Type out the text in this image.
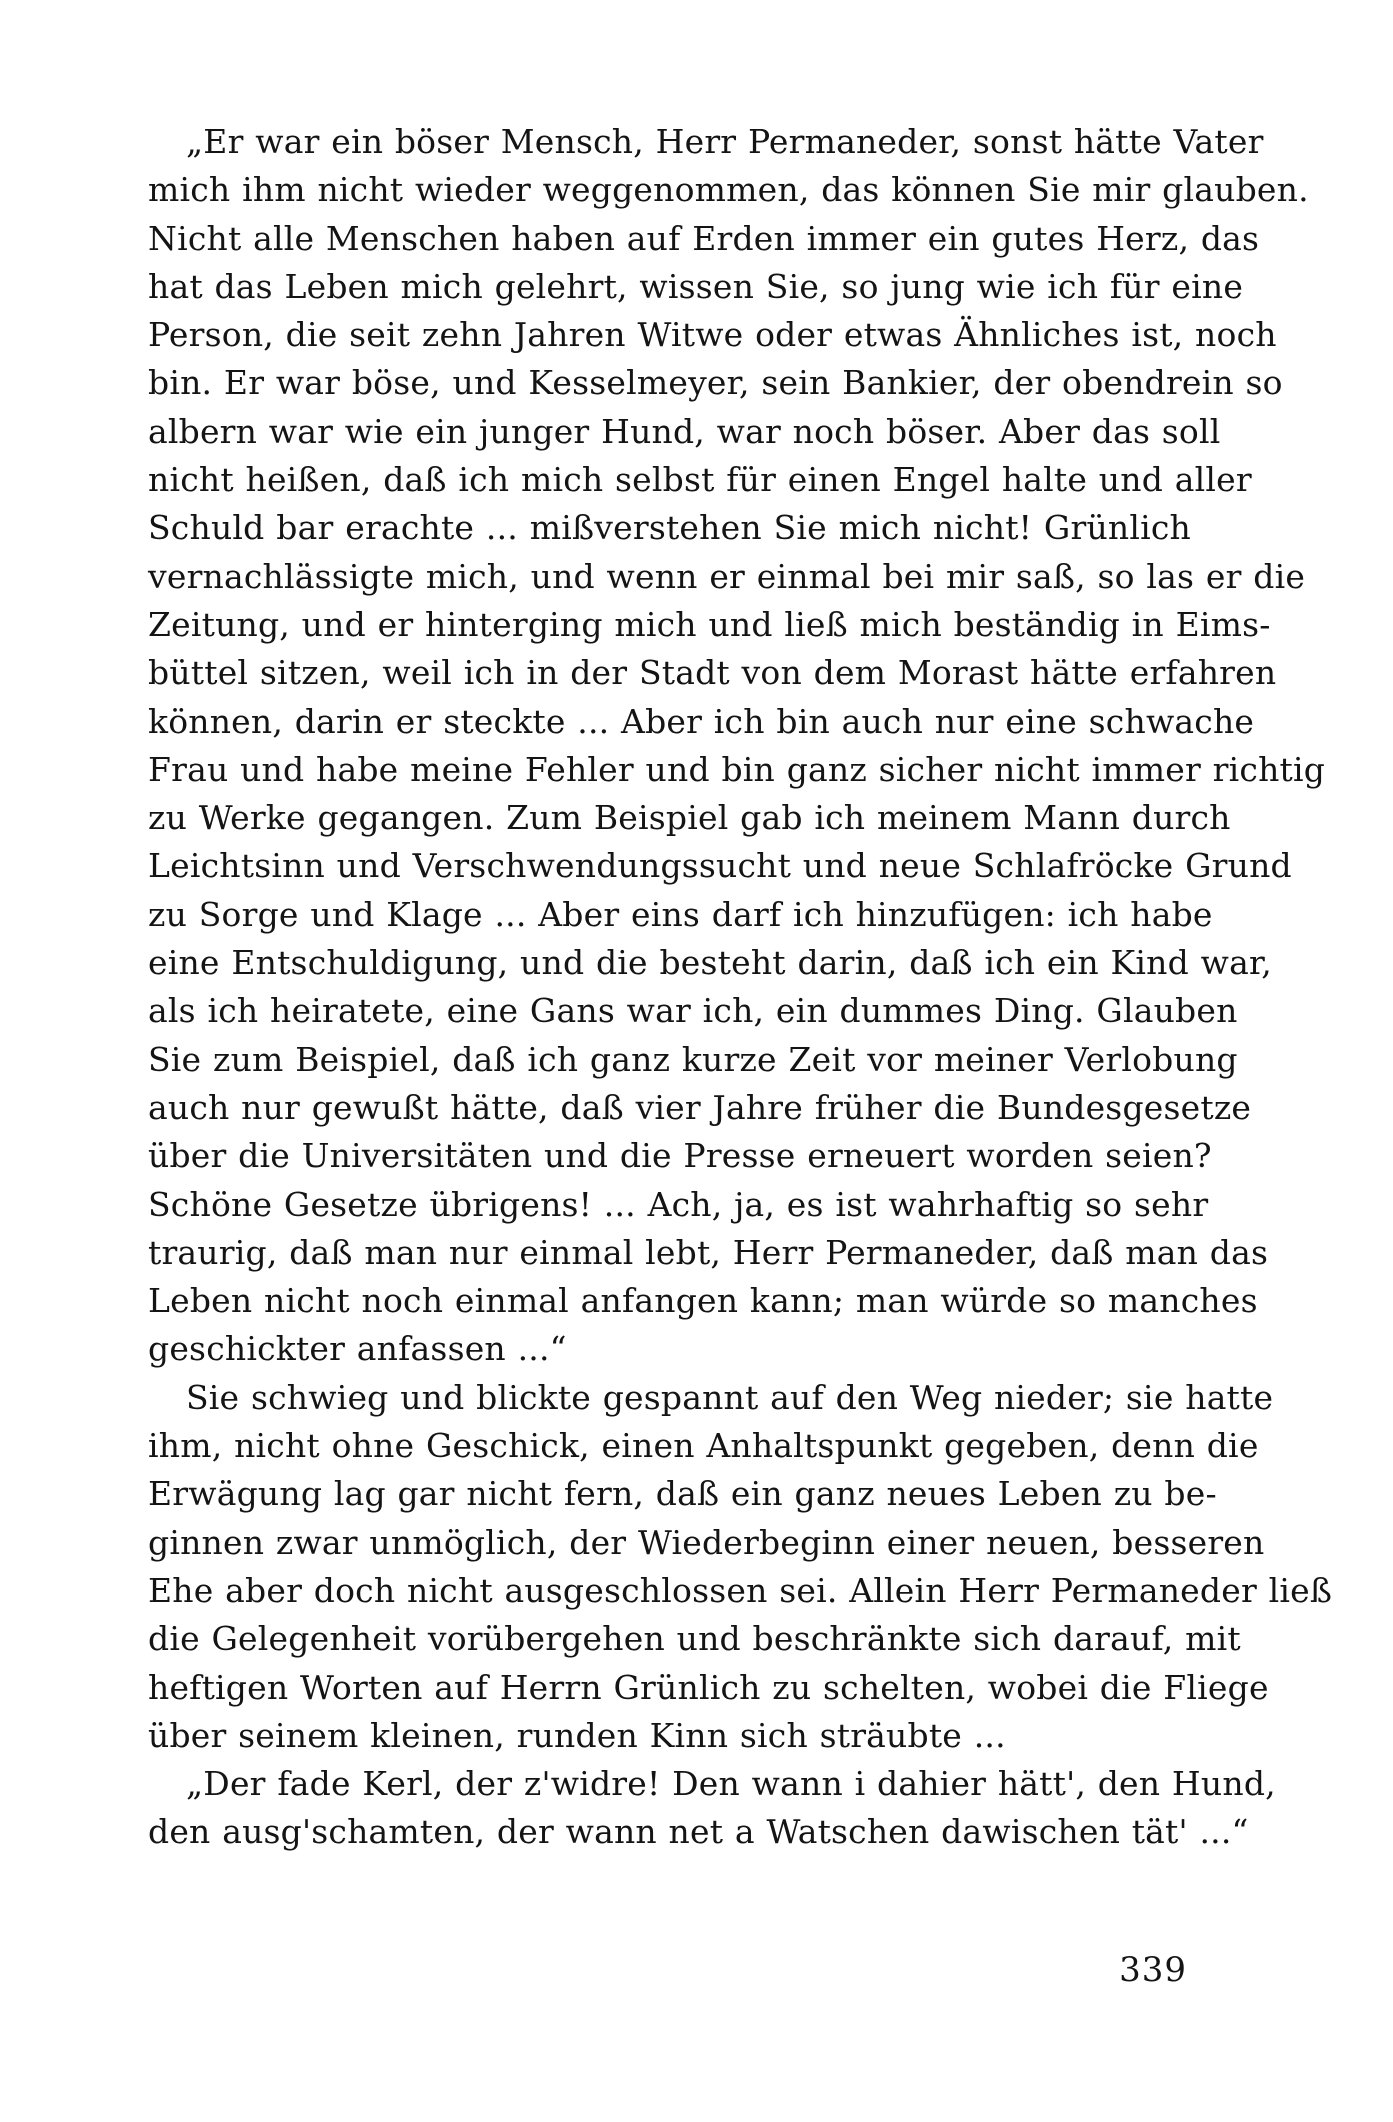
„Er war ein böser Mensch, Herr Permaneder, sonst hätte Vater
mich ihm nicht wieder weggenommen, das können Sie mir glauben.
Nicht alle Menschen haben auf Erden immer ein gutes Herz, das
hat das Leben mich gelehrt, wissen Sie, so jung wie ich für eine
Person, die seit zehn Jahren Witwe oder etwas Ähnliches ist, noch
bin. Er war böse, und Kesselmeyer, sein Bankier, der obendrein so
albern war wie ein junger Hund, war noch böser. Aber das soll
nicht heißen, daß ich mich selbst für einen Engel halte und aller
Schuld bar erachte ... mißverstehen Sie mich nicht! Grünlich
vernachlässigte mich, und wenn er einmal bei mir saß, so las er die
Zeitung, und er hinterging mich und ließ mich beständig in Eims-
büttel sitzen, weil ich in der Stadt von dem Morast hätte erfahren
können, darin er steckte ... Aber ich bin auch nur eine schwache
Frau und habe meine Fehler und bin ganz sicher nicht immer richtig
zu Werke gegangen. Zum Beispiel gab ich meinem Mann durch
Leichtsinn und Verschwendungssucht und neue Schlafröcke Grund
zu Sorge und Klage ... Aber eins darf ich hinzufügen: ich habe
eine Entschuldigung, und die besteht darin, daß ich ein Kind war,
als ich heiratete, eine Gans war ich, ein dummes Ding. Glauben
Sie zum Beispiel, daß ich ganz kurze Zeit vor meiner Verlobung
auch nur gewußt hätte, daß vier Jahre früher die Bundesgesetze
über die Universitäten und die Presse erneuert worden seien?
Schöne Gesetze übrigens! ... Ach, ja, es ist wahrhaftig so sehr
traurig, daß man nur einmal lebt, Herr Permaneder, daß man das
Leben nicht noch einmal anfangen kann; man würde so manches
geschickter anfassen ...“
Sie schwieg und blickte gespannt auf den Weg nieder; sie hatte
ihm, nicht ohne Geschick, einen Anhaltspunkt gegeben, denn die
Erwägung lag gar nicht fern, daß ein ganz neues Leben zu be-
ginnen zwar unmöglich, der Wiederbeginn einer neuen, besseren
Ehe aber doch nicht ausgeschlossen sei. Allein Herr Permaneder ließ
die Gelegenheit vorübergehen und beschränkte sich darauf, mit
heftigen Worten auf Herrn Grünlich zu schelten, wobei die Fliege
über seinem kleinen, runden Kinn sich sträubte ...
„Der fade Kerl, der z'widre! Den wann i dahier hätt', den Hund,
den ausg'schamten, der wann net a Watschen dawischen tät' ...“
339
